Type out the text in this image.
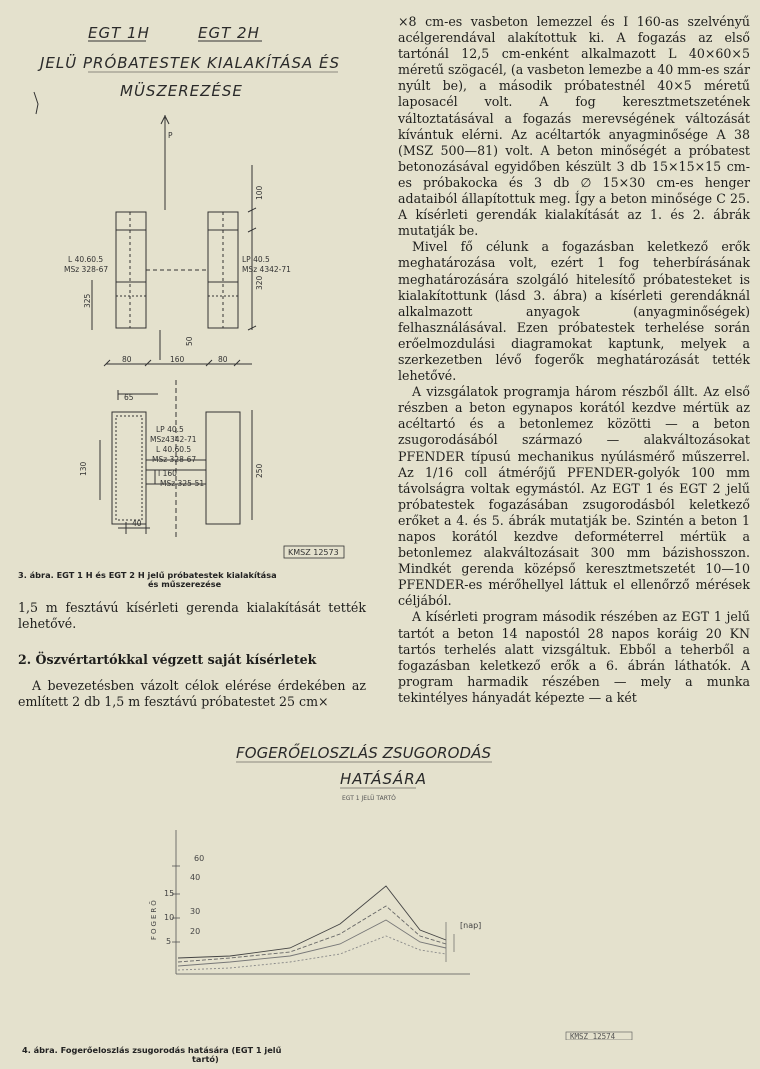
EGT 1H	EGT 2H
JELÜ PRÓBATESTEK KIALAKÍTÁSA ÉS
MÜSZEREZÉSE
P
L 40.60.5
MSz 328-67
LP 40.5
MSz 4342-71
100
320
325
50
80	160	80
65
LP 40.5
MSz4342-71
L 40.60.5
MSz 328-67
I 160
MSz 325-51
130	250
40
KMSZ 12573
3. ábra. EGT 1 H és EGT 2 H jelű próbatestek kialakítása
és műszerezése

1,5 m fesztávú kísérleti gerenda kialakítását tették lehetővé.

2. Öszvértartókkal végzett saját kísérletek

A bevezetésben vázolt célok elérése érdekében az említett 2 db 1,5 m fesztávú próbatestet 25 cm×

×8 cm-es vasbeton lemezzel és I 160-as szelvényű acélgerendával alakítottuk ki. A fogazás az első tartónál 12,5 cm-enként alkalmazott L 40×60×5 méretű szögacél, (a vasbeton lemezbe a 40 mm-es szár nyúlt be), a második próbatestnél 40×5 méretű laposacél volt. A fog keresztmetszetének változtatásával a fogazás merevségének változását kívántuk elérni. Az acéltartók anyagminősége A 38 (MSZ 500—81) volt. A beton minőségét a próbatest betonozásával egyidőben készült 3 db 15×15×15 cm-es próbakocka és 3 db ∅ 15×30 cm-es henger adataiból állapítottuk meg. Így a beton minősége C 25. A kísérleti gerendák kialakítását az 1. és 2. ábrák mutatják be.

Mivel fő célunk a fogazásban keletkező erők meghatározása volt, ezért 1 fog teherbírásának meghatározására szolgáló hitelesítő próbatesteket is kialakítottunk (lásd 3. ábra) a kísérleti gerendáknál alkalmazott anyagok (anyagminőségek) felhasználásával. Ezen próbatestek terhelése során erőelmozdulási diagramokat kaptunk, melyek a szerkezetben lévő fogerők meghatározását tették lehetővé.

A vizsgálatok programja három részből állt. Az első részben a beton egynapos korától kezdve mértük az acéltartó és a betonlemez közötti — a beton zsugorodásából származó — alakváltozásokat PFENDER típusú mechanikus nyúlásmérő műszerrel. Az 1/16 coll átmérőjű PFENDER-golyók 100 mm távolságra voltak egymástól. Az EGT 1 és EGT 2 jelű próbatestek fogazásában zsugorodásból keletkező erőket a 4. és 5. ábrák mutatják be. Szintén a beton 1 napos korától kezdve deforméterrel mértük a betonlemez alakváltozásait 300 mm bázishosszon. Mindkét gerenda középső keresztmetszetét 10—10 PFENDER-es mérőhellyel láttuk el ellenőrző mérések céljából.

A kísérleti program második részében az EGT 1 jelű tartót a beton 14 napostól 28 napos koráig 20 KN tartós terhelés alatt vizsgáltuk. Ebből a teherből a fogazásban keletkező erők a 6. ábrán láthatók. A program harmadik részében — mely a munka tekintélyes hányadát képezte — a két

FOGERŐELOSZLÁS ZSUGORODÁS
HATÁSÁRA
EGT 1 JELÜ TARTÓ
FOGERŐ
15
10
5
60
40
30
20
[nap]
KMSZ 12574
4. ábra. Fogerőeloszlás zsugorodás hatására (EGT 1 jelű
tartó)
